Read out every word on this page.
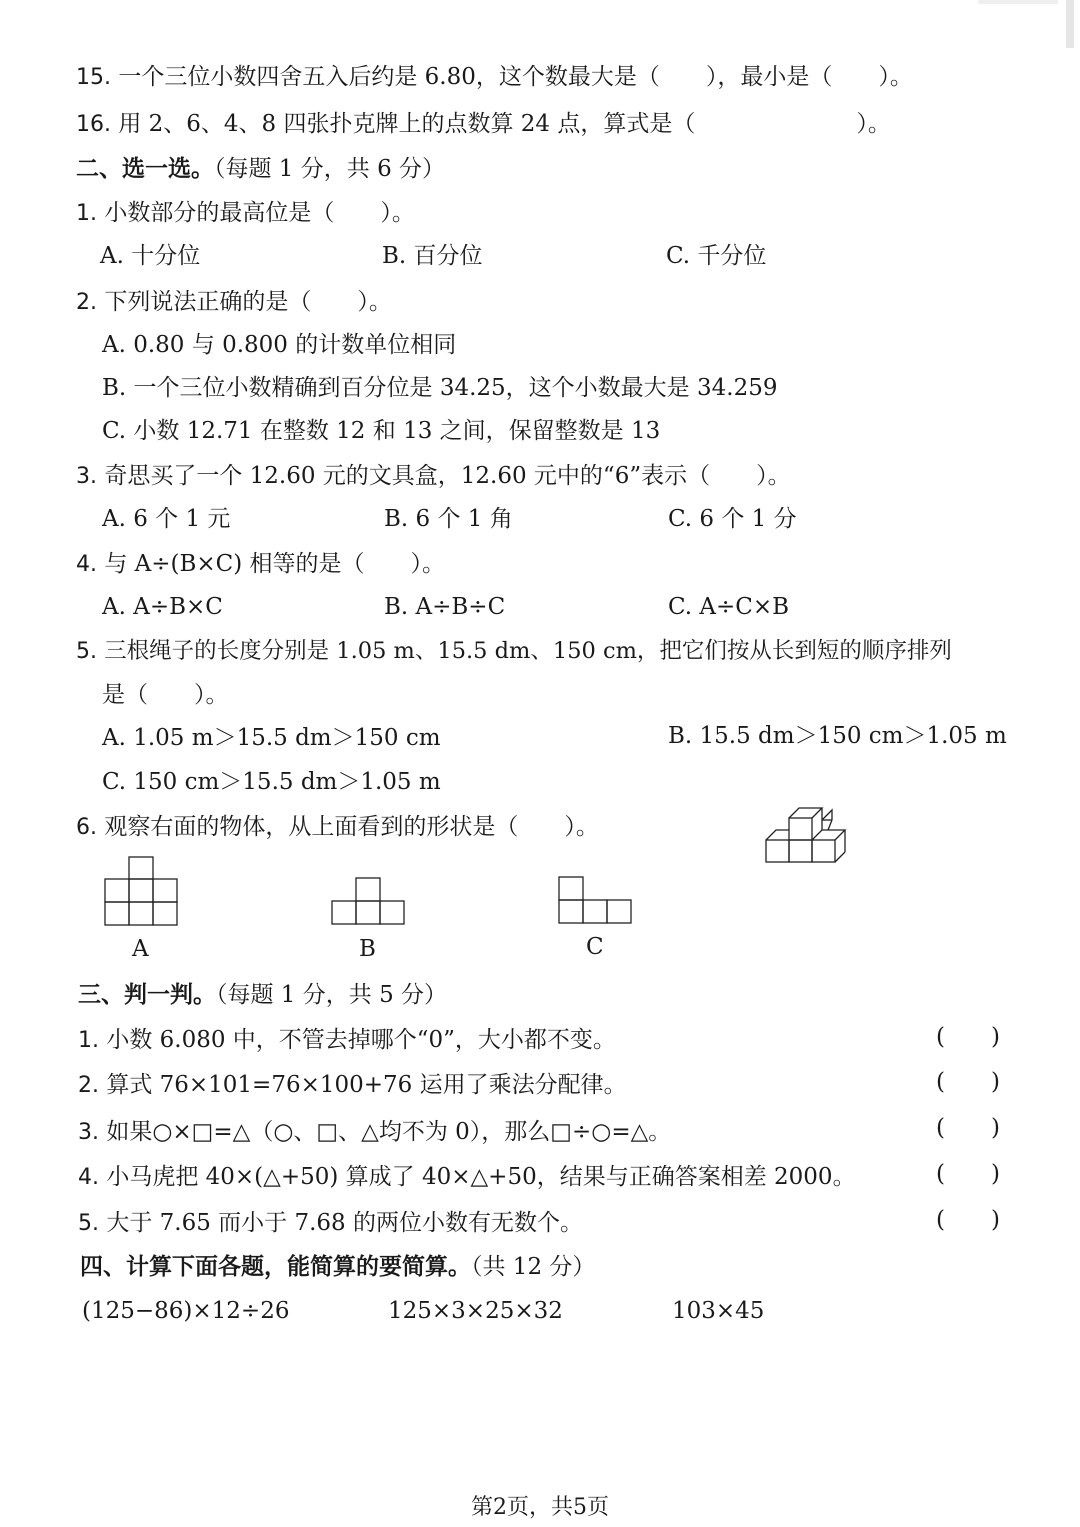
15. 一个三位小数四舍五入后约是 6.80，这个数最大是（　　），最小是（　　）。
16. 用 2、6、4、8 四张扑克牌上的点数算 24 点，算式是（　　　　　　　）。
二、选一选。（每题 1 分，共 6 分）
1. 小数部分的最高位是（　　）。
A. 十分位	B. 百分位	C. 千分位
2. 下列说法正确的是（　　）。
A. 0.80 与 0.800 的计数单位相同
B. 一个三位小数精确到百分位是 34.25，这个小数最大是 34.259
C. 小数 12.71 在整数 12 和 13 之间，保留整数是 13
3. 奇思买了一个 12.60 元的文具盒，12.60 元中的“6”表示（　　）。
A. 6 个 1 元	B. 6 个 1 角	C. 6 个 1 分
4. 与 A÷(B×C) 相等的是（　　）。
A. A÷B×C	B. A÷B÷C	C. A÷C×B
5. 三根绳子的长度分别是 1.05 m、15.5 dm、150 cm，把它们按从长到短的顺序排列
是（　　）。
A. 1.05 m＞15.5 dm＞150 cm	B. 15.5 dm＞150 cm＞1.05 m
C. 150 cm＞15.5 dm＞1.05 m
6. 观察右面的物体，从上面看到的形状是（　　）。
A	B	C
三、判一判。（每题 1 分，共 5 分）
1. 小数 6.080 中，不管去掉哪个“0”，大小都不变。	(　　)
2. 算式 76×101=76×100+76 运用了乘法分配律。	(　　)
3. 如果○×□=△（○、□、△均不为 0），那么□÷○=△。	(　　)
4. 小马虎把 40×(△+50) 算成了 40×△+50，结果与正确答案相差 2000。	(　　)
5. 大于 7.65 而小于 7.68 的两位小数有无数个。	(　　)
四、计算下面各题，能简算的要简算。（共 12 分）
(125−86)×12÷26	125×3×25×32	103×45
第2页，共5页
